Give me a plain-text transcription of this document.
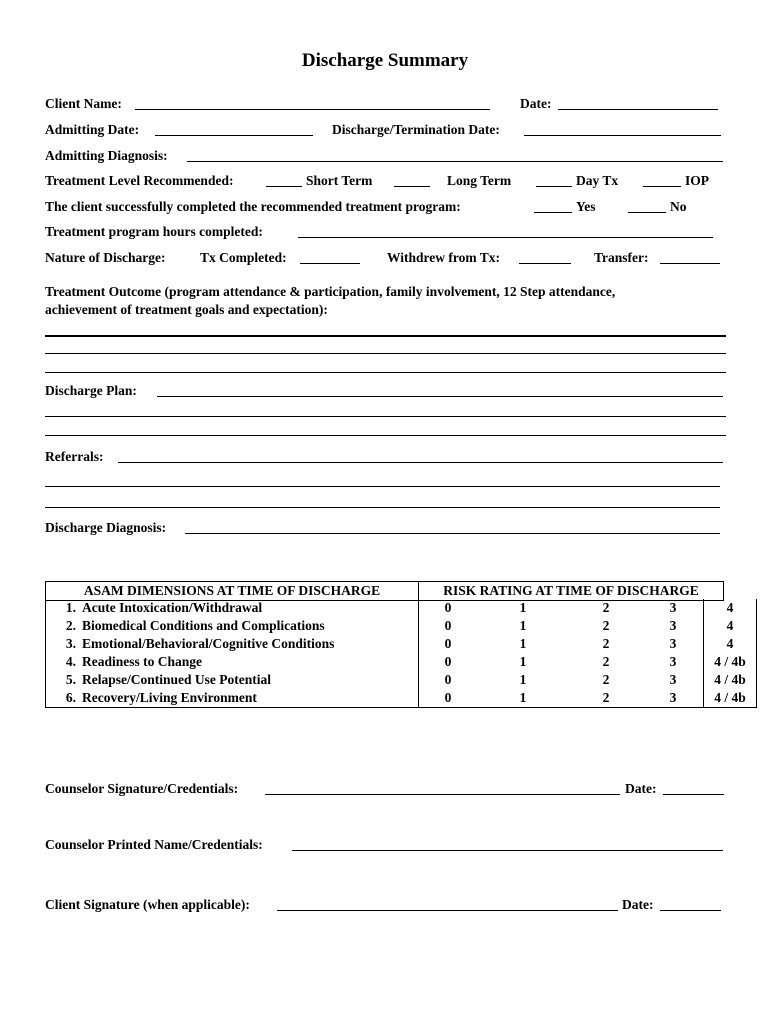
Discharge Summary
Client Name:	Date:
Admitting Date:	Discharge/Termination Date:
Admitting Diagnosis:
Treatment Level Recommended:	Short Term	Long Term	Day Tx	IOP
The client successfully completed the recommended treatment program:	Yes	No
Treatment program hours completed:
Nature of Discharge:	Tx Completed:	Withdrew from Tx:	Transfer:
Treatment Outcome (program attendance & participation, family involvement, 12 Step attendance,
achievement of treatment goals and expectation):
Discharge Plan:
Referrals:
Discharge Diagnosis:
ASAM DIMENSIONS AT TIME OF DISCHARGE	RISK RATING AT TIME OF DISCHARGE
1. Acute Intoxication/Withdrawal	0	1	2	3	4
2. Biomedical Conditions and Complications	0	1	2	3	4
3. Emotional/Behavioral/Cognitive Conditions	0	1	2	3	4
4. Readiness to Change	0	1	2	3	4 / 4b
5. Relapse/Continued Use Potential	0	1	2	3	4 / 4b
6. Recovery/Living Environment	0	1	2	3	4 / 4b
Counselor Signature/Credentials:	Date:
Counselor Printed Name/Credentials:
Client Signature (when applicable):	Date:
